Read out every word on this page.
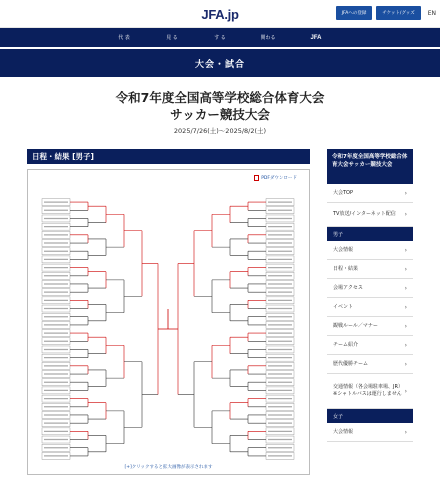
JFA.jp	JFAへの登録	チケット/グッズ	EN
代 表	見 る	す る	関わる	JFA
大会・試合
令和7年度全国高等学校総合体育大会
サッカー競技大会
2025/7/26(土)〜2025/8/2(土)
日程・結果 [男子]
PDFダウンロード
[+]クリックすると拡大画像が表示されます
令和7年度全国高等学校総合体育大会サッカー競技大会
大会TOP	›
TV放送/インターネット配信 ›
男子
大会情報	›
日程・結果	›
会場アクセス	›
イベント	›
観戦ルール／マナー	›
チーム紹介	›
歴代優勝チーム	›
交通情報（各会場駐車場、JR）※シャトルバスは運行しません ›
女子
大会情報	›
